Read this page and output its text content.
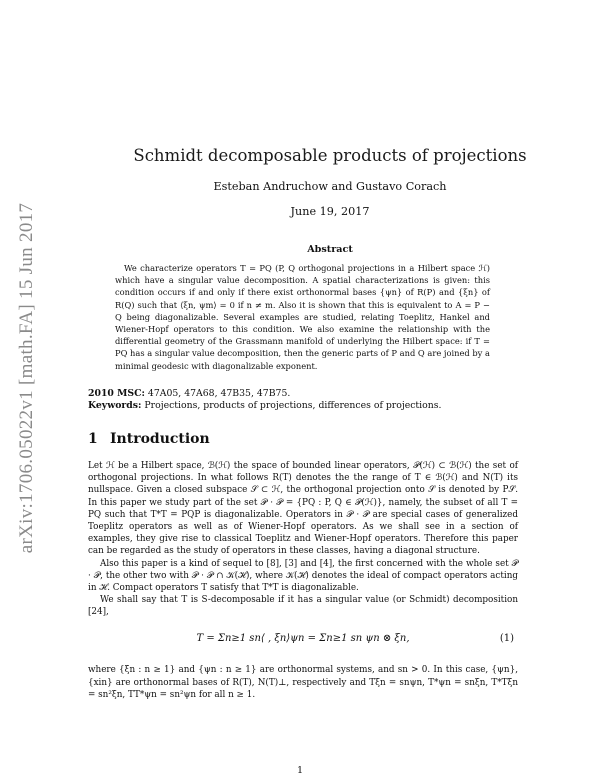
arXiv:1706.05022v1 [math.FA] 15 Jun 2017
Schmidt decomposable products of projections
Esteban Andruchow and Gustavo Corach
June 19, 2017
Abstract
We characterize operators T = PQ (P, Q orthogonal projections in a Hilbert space ℋ) which have a singular value decomposition. A spatial characterizations is given: this condition occurs if and only if there exist orthonormal bases {ψn} of R(P) and {ξn} of R(Q) such that ⟨ξn, ψm⟩ = 0 if n ≠ m. Also it is shown that this is equivalent to A = P − Q being diagonalizable. Several examples are studied, relating Toeplitz, Hankel and Wiener-Hopf operators to this condition. We also examine the relationship with the differential geometry of the Grassmann manifold of underlying the Hilbert space: if T = PQ has a singular value decomposition, then the generic parts of P and Q are joined by a minimal geodesic with diagonalizable exponent.
2010 MSC: 47A05, 47A68, 47B35, 47B75.
Keywords: Projections, products of projections, differences of projections.
1 Introduction

Let ℋ be a Hilbert space, ℬ(ℋ) the space of bounded linear operators, 𝒫(ℋ) ⊂ ℬ(ℋ) the set of orthogonal projections. In what follows R(T) denotes the the range of T ∈ ℬ(ℋ) and N(T) its nullspace. Given a closed subspace 𝒮 ⊂ ℋ, the orthogonal projection onto 𝒮 is denoted by P𝒮. In this paper we study part of the set 𝒫 · 𝒫 = {PQ : P, Q ∈ 𝒫(ℋ)}, namely, the subset of all T = PQ such that T*T = PQP is diagonalizable. Operators in 𝒫 · 𝒫 are special cases of generalized Toeplitz operators as well as of Wiener-Hopf operators. As we shall see in a section of examples, they give rise to classical Toeplitz and Wiener-Hopf operators. Therefore this paper can be regarded as the study of operators in these classes, having a diagonal structure.

Also this paper is a kind of sequel to [8], [3] and [4], the first concerned with the whole set 𝒫 · 𝒫, the other two with 𝒫 · 𝒫 ∩ 𝒦(ℋ), where 𝒦(ℋ) denotes the ideal of compact operators acting in ℋ. Compact operators T satisfy that T*T is diagonalizable.

We shall say that T is S-decomposable if it has a singular value (or Schmidt) decomposition [24],

T = Σn≥1 sn⟨ , ξn⟩ψn = Σn≥1 sn ψn ⊗ ξn,	(1)
where {ξn : n ≥ 1} and {ψn : n ≥ 1} are orthonormal systems, and sn > 0. In this case, {ψn}, {xin} are orthonormal bases of R(T), N(T)⊥, respectively and Tξn = snψn, T*ψn = snξn, T*Tξn = sn²ξn, TT*ψn = sn²ψn for all n ≥ 1.
1
